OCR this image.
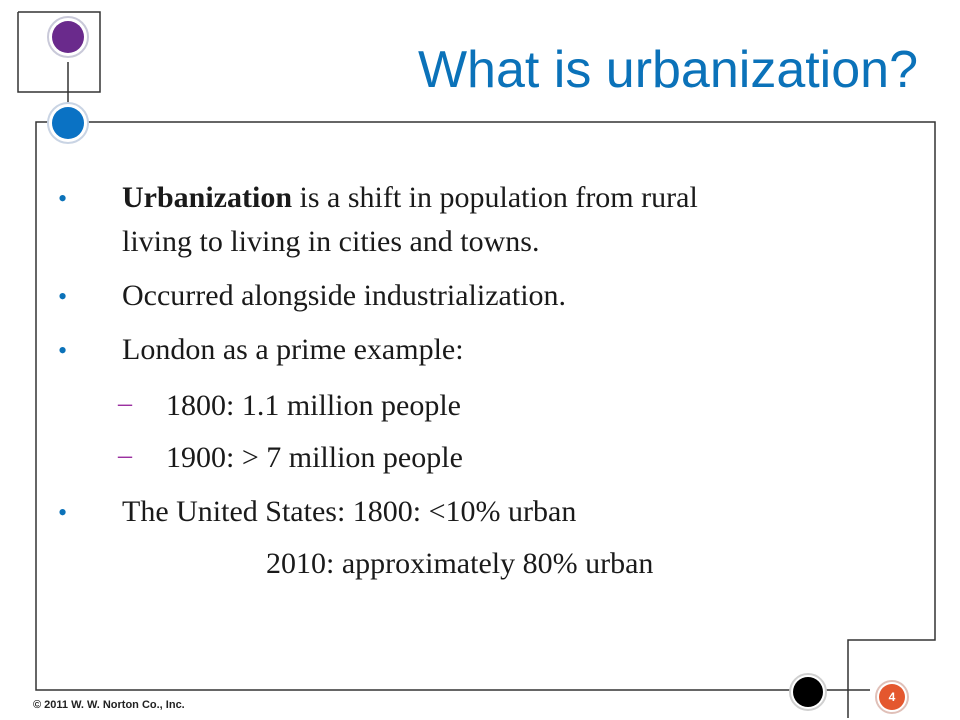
What is urbanization?
• Urbanization is a shift in population from rural
living to living in cities and towns.
• Occurred alongside industrialization.
• London as a prime example:
– 1800: 1.1 million people
– 1900: > 7 million people
• The United States: 1800: <10% urban
2010: approximately 80% urban
© 2011 W. W. Norton Co., Inc.
4
